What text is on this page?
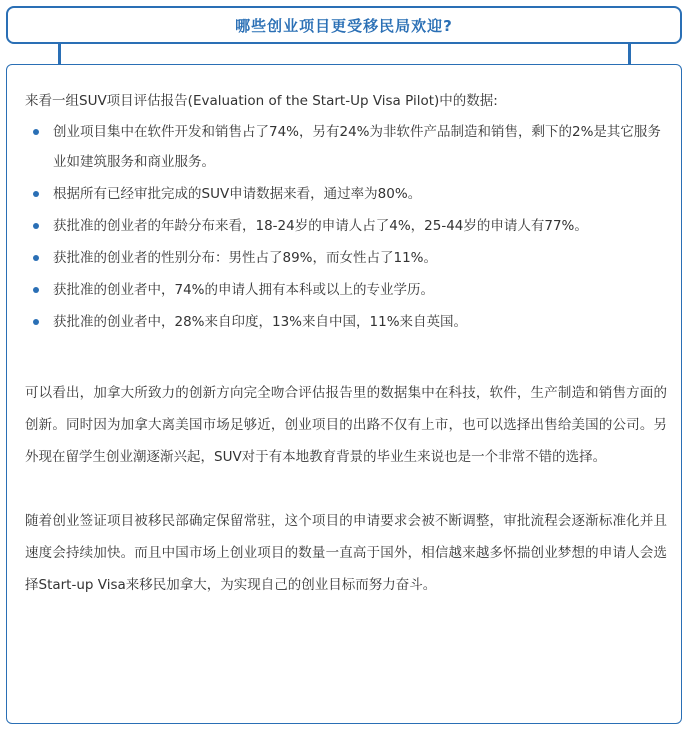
哪些创业项目更受移民局欢迎?

来看一组SUV项目评估报告(Evaluation of the Start-Up Visa Pilot)中的数据:

创业项目集中在软件开发和销售占了74%，另有24%为非软件产品制造和销售，剩下的2%是其它服务业如建筑服务和商业服务。
根据所有已经审批完成的SUV申请数据来看，通过率为80%。
获批准的创业者的年龄分布来看，18-24岁的申请人占了4%，25-44岁的申请人有77%。
获批准的创业者的性别分布：男性占了89%，而女性占了11%。
获批准的创业者中，74%的申请人拥有本科或以上的专业学历。
获批准的创业者中，28%来自印度，13%来自中国，11%来自英国。

可以看出，加拿大所致力的创新方向完全吻合评估报告里的数据集中在科技，软件，生产制造和销售方面的创新。同时因为加拿大离美国市场足够近，创业项目的出路不仅有上市，也可以选择出售给美国的公司。另外现在留学生创业潮逐渐兴起，SUV对于有本地教育背景的毕业生来说也是一个非常不错的选择。

随着创业签证项目被移民部确定保留常驻，这个项目的申请要求会被不断调整，审批流程会逐渐标准化并且速度会持续加快。而且中国市场上创业项目的数量一直高于国外，相信越来越多怀揣创业梦想的申请人会选择Start-up Visa来移民加拿大，为实现自己的创业目标而努力奋斗。
